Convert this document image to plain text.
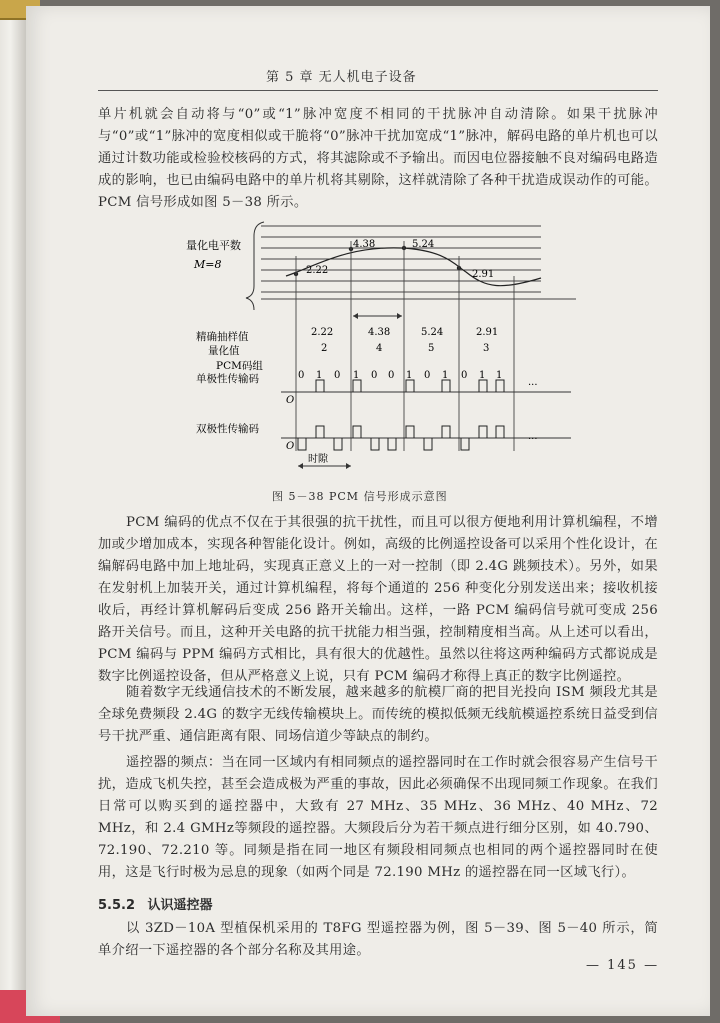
第 5 章 无人机电子设备
单片机就会自动将与“0”或“1”脉冲宽度不相同的干扰脉冲自动清除。如果干扰脉冲与“0”或“1”脉冲的宽度相似或干脆将“0”脉冲干扰加宽成“1”脉冲，解码电路的单片机也可以通过计数功能或检验校核码的方式，将其滤除或不予输出。而因电位器接触不良对编码电路造成的影响，也已由编码电路中的单片机将其剔除，这样就清除了各种干扰造成误动作的可能。PCM 信号形成如图 5－38 所示。
量化电平数
M=8	2.22
4.38	5.24
2.91
精确抽样值
量化值
2.22	4.38	5.24	2.91
2	4	5	3
PCM码组
单极性传输码	0 1 0 1 0 0 1 0 1 0 1 1
···
O
双极性传输码
···
O
时隙
图 5－38 PCM 信号形成示意图
PCM 编码的优点不仅在于其很强的抗干扰性，而且可以很方便地利用计算机编程，不增加或少增加成本，实现各种智能化设计。例如，高级的比例遥控设备可以采用个性化设计，在编解码电路中加上地址码，实现真正意义上的一对一控制（即 2.4G 跳频技术）。另外，如果在发射机上加装开关，通过计算机编程，将每个通道的 256 种变化分别发送出来；接收机接收后，再经计算机解码后变成 256 路开关输出。这样，一路 PCM 编码信号就可变成 256 路开关信号。而且，这种开关电路的抗干扰能力相当强，控制精度相当高。从上述可以看出，PCM 编码与 PPM 编码方式相比，具有很大的优越性。虽然以往将这两种编码方式都说成是数字比例遥控设备，但从严格意义上说，只有 PCM 编码才称得上真正的数字比例遥控。
随着数字无线通信技术的不断发展，越来越多的航模厂商的把目光投向 ISM 频段尤其是全球免费频段 2.4G 的数字无线传输模块上。而传统的模拟低频无线航模遥控系统日益受到信号干扰严重、通信距离有限、同场信道少等缺点的制约。
遥控器的频点：当在同一区域内有相同频点的遥控器同时在工作时就会很容易产生信号干扰，造成飞机失控，甚至会造成极为严重的事故，因此必须确保不出现同频工作现象。在我们日常可以购买到的遥控器中，大致有 27 MHz、35 MHz、36 MHz、40 MHz、72 MHz，和 2.4 GMHz等频段的遥控器。大频段后分为若干频点进行细分区别，如 40.790、72.190、72.210 等。同频是指在同一地区有频段相同频点也相同的两个遥控器同时在使用，这是飞行时极为忌息的现象（如两个同是 72.190 MHz 的遥控器在同一区域飞行）。
5.5.2 认识遥控器
以 3ZD－10A 型植保机采用的 T8FG 型遥控器为例，图 5－39、图 5－40 所示，简单介绍一下遥控器的各个部分名称及其用途。
— 145 —
